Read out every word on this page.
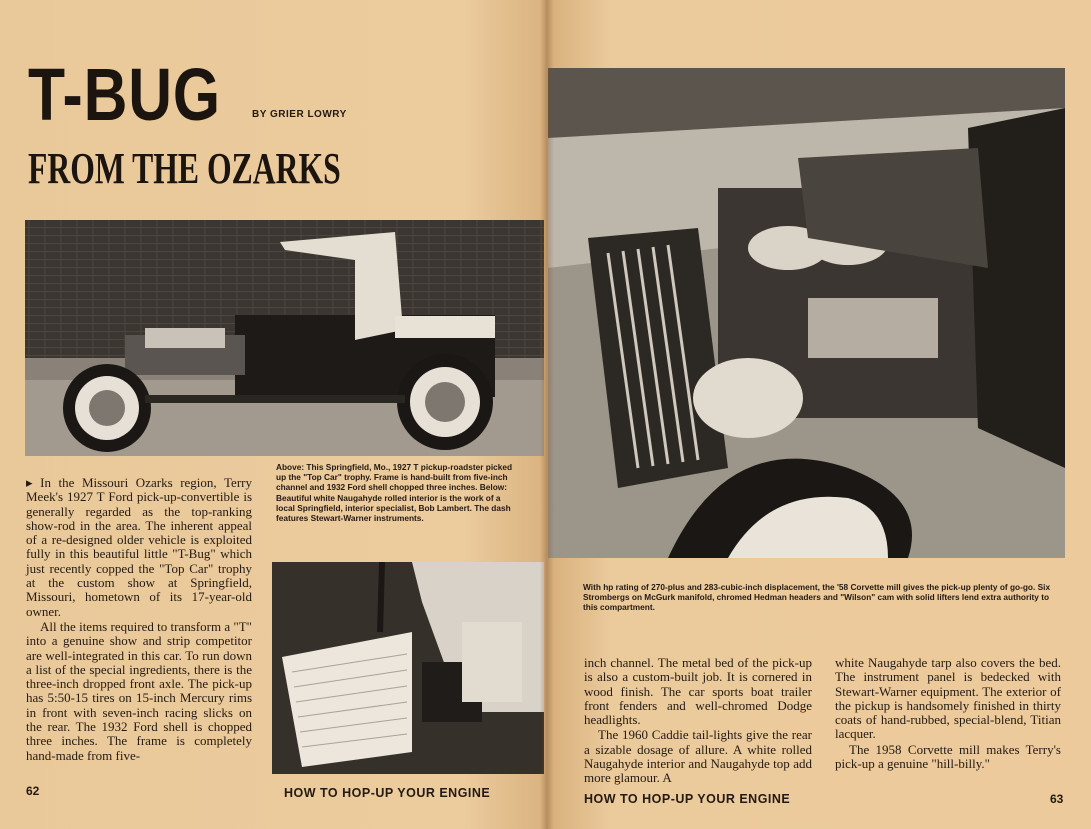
T-BUG	BY GRIER LOWRY
FROM THE OZARKS

▸ In the Missouri Ozarks region, Terry Meek's 1927 T Ford pick-up-convertible is generally regarded as the top-ranking show-rod in the area. The inherent appeal of a re-designed older vehicle is exploited fully in this beautiful little "T-Bug" which just recently copped the "Top Car" trophy at the custom show at Springfield, Missouri, hometown of its 17-year-old owner.

All the items required to transform a "T" into a genuine show and strip competitor are well-integrated in this car. To run down a list of the special ingredients, there is the three-inch dropped front axle. The pick-up has 5:50-15 tires on 15-inch Mercury rims in front with seven-inch racing slicks on the rear. The 1932 Ford shell is chopped three inches. The frame is completely hand-made from five-

Above: This Springfield, Mo., 1927 T pickup-roadster picked up the "Top Car" trophy. Frame is hand-built from five-inch channel and 1932 Ford shell chopped three inches. Below: Beautiful white Naugahyde rolled interior is the work of a local Springfield, interior specialist, Bob Lambert. The dash features Stewart-Warner instruments.
62	HOW TO HOP-UP YOUR ENGINE
With hp rating of 270-plus and 283-cubic-inch displacement, the '58 Corvette mill gives the pick-up plenty of go-go. Six Strombergs on McGurk manifold, chromed Hedman headers and "Wilson" cam with solid lifters lend extra authority to this compartment.

inch channel. The metal bed of the pick-up is also a custom-built job. It is cornered in wood finish. The car sports boat trailer front fenders and well-chromed Dodge headlights.

The 1960 Caddie tail-lights give the rear a sizable dosage of allure. A white rolled Naugahyde interior and Naugahyde top add more glamour. A

white Naugahyde tarp also covers the bed. The instrument panel is bedecked with Stewart-Warner equipment. The exterior of the pickup is handsomely finished in thirty coats of hand-rubbed, special-blend, Titian lacquer.

The 1958 Corvette mill makes Terry's pick-up a genuine "hill-billy."

HOW TO HOP-UP YOUR ENGINE	63
